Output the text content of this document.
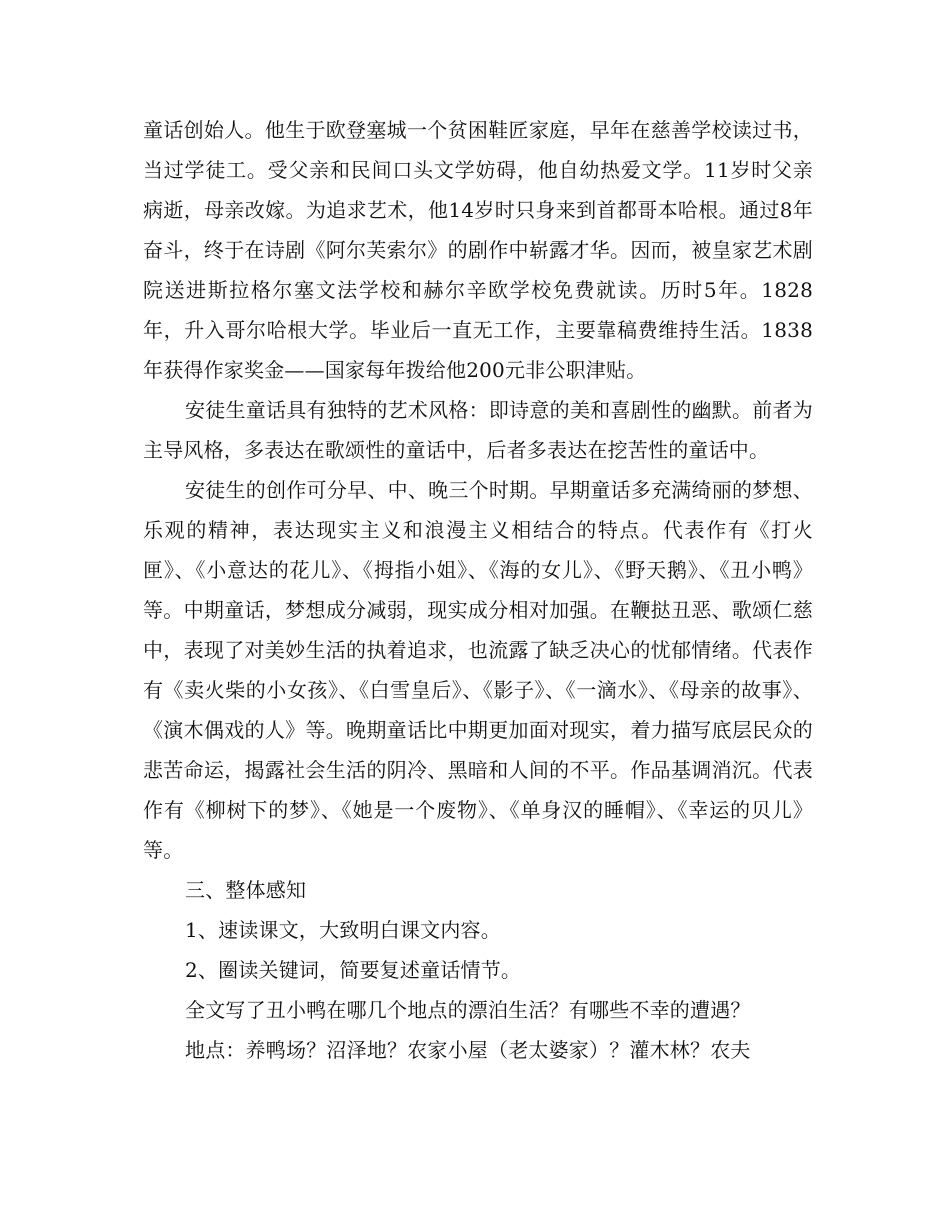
童话创始人。他生于欧登塞城一个贫困鞋匠家庭，早年在慈善学校读过书，当过学徒工。受父亲和民间口头文学妨碍，他自幼热爱文学。11岁时父亲病逝，母亲改嫁。为追求艺术，他14岁时只身来到首都哥本哈根。通过8年奋斗，终于在诗剧《阿尔芙索尔》的剧作中崭露才华。因而，被皇家艺术剧院送进斯拉格尔塞文法学校和赫尔辛欧学校免费就读。历时5年。1828年，升入哥尔哈根大学。毕业后一直无工作，主要靠稿费维持生活。1838年获得作家奖金——国家每年拨给他200元非公职津贴。

安徒生童话具有独特的艺术风格：即诗意的美和喜剧性的幽默。前者为主导风格，多表达在歌颂性的童话中，后者多表达在挖苦性的童话中。

安徒生的创作可分早、中、晚三个时期。早期童话多充满绮丽的梦想、乐观的精神，表达现实主义和浪漫主义相结合的特点。代表作有《打火匣》、《小意达的花儿》、《拇指小姐》、《海的女儿》、《野天鹅》、《丑小鸭》等。中期童话，梦想成分减弱，现实成分相对加强。在鞭挞丑恶、歌颂仁慈中，表现了对美妙生活的执着追求，也流露了缺乏决心的忧郁情绪。代表作有《卖火柴的小女孩》、《白雪皇后》、《影子》、《一滴水》、《母亲的故事》、《演木偶戏的人》等。晚期童话比中期更加面对现实，着力描写底层民众的悲苦命运，揭露社会生活的阴冷、黑暗和人间的不平。作品基调消沉。代表作有《柳树下的梦》、《她是一个废物》、《单身汉的睡帽》、《幸运的贝儿》等。

三、整体感知

1、速读课文，大致明白课文内容。

2、圈读关键词，简要复述童话情节。

全文写了丑小鸭在哪几个地点的漂泊生活？有哪些不幸的遭遇？

地点：养鸭场？沼泽地？农家小屋（老太婆家）？灌木林？农夫
